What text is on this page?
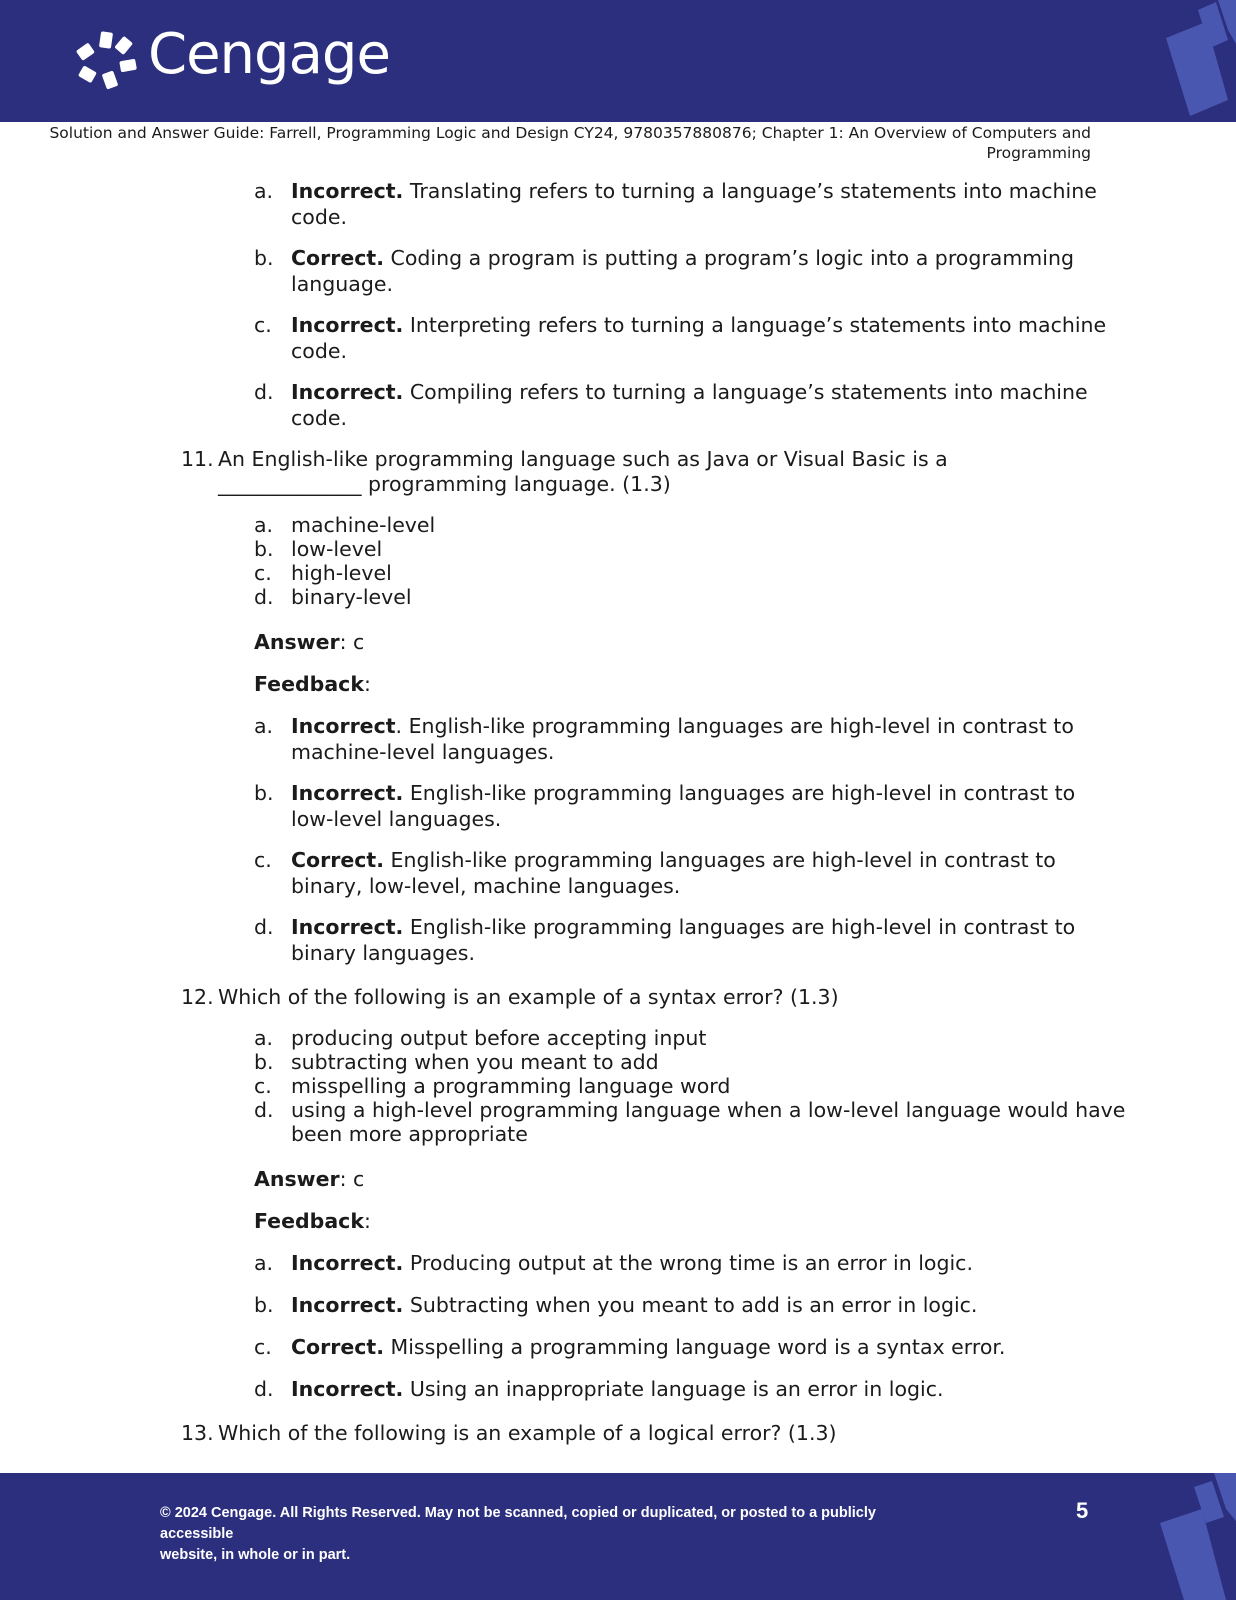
Cengage
Solution and Answer Guide: Farrell, Programming Logic and Design CY24, 9780357880876; Chapter 1: An Overview of Computers and
Programming
a. Incorrect. Translating refers to turning a language’s statements into machine
code.
b. Correct. Coding a program is putting a program’s logic into a programming
language.
c. Incorrect. Interpreting refers to turning a language’s statements into machine
code.
d. Incorrect. Compiling refers to turning a language’s statements into machine
code.
11. An English-like programming language such as Java or Visual Basic is a
______________ programming language. (1.3)
a. machine-level
b. low-level
c. high-level
d. binary-level
Answer: c
Feedback:
a. Incorrect. English-like programming languages are high-level in contrast to
machine-level languages.
b. Incorrect. English-like programming languages are high-level in contrast to
low-level languages.
c. Correct. English-like programming languages are high-level in contrast to
binary, low-level, machine languages.
d. Incorrect. English-like programming languages are high-level in contrast to
binary languages.
12. Which of the following is an example of a syntax error? (1.3)
a. producing output before accepting input
b. subtracting when you meant to add
c. misspelling a programming language word
d. using a high-level programming language when a low-level language would have
been more appropriate
Answer: c
Feedback:
a. Incorrect. Producing output at the wrong time is an error in logic.
b. Incorrect. Subtracting when you meant to add is an error in logic.
c. Correct. Misspelling a programming language word is a syntax error.
d. Incorrect. Using an inappropriate language is an error in logic.
13. Which of the following is an example of a logical error? (1.3)
© 2024 Cengage. All Rights Reserved. May not be scanned, copied or duplicated, or posted to a publicly accessible
website, in whole or in part.
5
